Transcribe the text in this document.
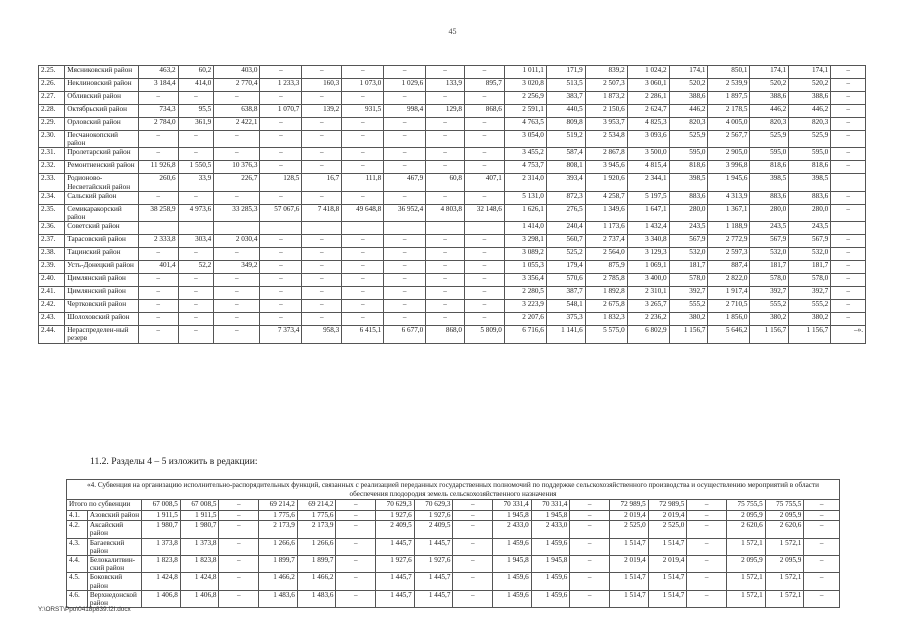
45
2.25.	Мясниковский район	463,2	60,2	403,0	–	–	–	–	–	–	1 011,1	171,9	839,2	1 024,2	174,1	850,1	174,1	174,1	–
2.26.	Неклиновский район	3 184,4	414,0	2 770,4	1 233,3	160,3	1 073,0	1 029,6	133,9	895,7	3 020,8	513,5	2 507,3	3 060,1	520,2	2 539,9	520,2	520,2	–
2.27.	Обливский район	–	–	–	–	–	–	–	–	–	2 256,9	383,7	1 873,2	2 286,1	388,6	1 897,5	388,6	388,6	–
2.28.	Октябрьский район	734,3	95,5	638,8	1 070,7	139,2	931,5	998,4	129,8	868,6	2 591,1	440,5	2 150,6	2 624,7	446,2	2 178,5	446,2	446,2	–
2.29.	Орловский район	2 784,0	361,9	2 422,1	–	–	–	–	–	–	4 763,5	809,8	3 953,7	4 825,3	820,3	4 005,0	820,3	820,3	–
2.30.	Песчанокопский район	–	–	–	–	–	–	–	–	–	3 054,0	519,2	2 534,8	3 093,6	525,9	2 567,7	525,9	525,9	–
2.31.	Пролетарский район	–	–	–	–	–	–	–	–	–	3 455,2	587,4	2 867,8	3 500,0	595,0	2 905,0	595,0	595,0	–
2.32.	Ремонтненский район	11 926,8	1 550,5	10 376,3	–	–	–	–	–	–	4 753,7	808,1	3 945,6	4 815,4	818,6	3 996,8	818,6	818,6	–
2.33.	Родионово-Несветайский район	260,6	33,9	226,7	128,5	16,7	111,8	467,9	60,8	407,1	2 314,0	393,4	1 920,6	2 344,1	398,5	1 945,6	398,5	398,5	
2.34.	Сальский район	–	–	–	–	–	–	–	–	–	5 131,0	872,3	4 258,7	5 197,5	883,6	4 313,9	883,6	883,6	–
2.35.	Семикаракорский район	38 258,9	4 973,6	33 285,3	57 067,6	7 418,8	49 648,8	36 952,4	4 803,8	32 148,6	1 626,1	276,5	1 349,6	1 647,1	280,0	1 367,1	280,0	280,0	–
2.36.	Советский район										1 414,0	240,4	1 173,6	1 432,4	243,5	1 188,9	243,5	243,5	
2.37.	Тарасовский район	2 333,8	303,4	2 030,4	–	–	–	–	–	–	3 298,1	560,7	2 737,4	3 340,8	567,9	2 772,9	567,9	567,9	–
2.38.	Тацинский район	–	–	–	–	–	–	–	–	–	3 089,2	525,2	2 564,0	3 129,3	532,0	2 597,3	532,0	532,0	–
2.39.	Усть-Донецкий район	401,4	52,2	349,2	–	–	–	–	–	–	1 055,3	179,4	875,9	1 069,1	181,7	887,4	181,7	181,7	–
2.40.	Цимлянский район	–	–	–	–	–	–	–	–	–	3 356,4	570,6	2 785,8	3 400,0	578,0	2 822,0	578,0	578,0	–
2.41.	Цимлянский район	–	–	–	–	–	–	–	–	–	2 280,5	387,7	1 892,8	2 310,1	392,7	1 917,4	392,7	392,7	–
2.42.	Чертковский район	–	–	–	–	–	–	–	–	–	3 223,9	548,1	2 675,8	3 265,7	555,2	2 710,5	555,2	555,2	–
2.43.	Шолоховский район	–	–	–	–	–	–	–	–	–	2 207,6	375,3	1 832,3	2 236,2	380,2	1 856,0	380,2	380,2	–
2.44.	Нераспределен-ный резерв	–	–	–	7 373,4	958,3	6 415,1	6 677,0	868,0	5 809,0	6 716,6	1 141,6	5 575,0	6 802,9	1 156,7	5 646,2	1 156,7	1 156,7	–».
11.2. Разделы 4 – 5 изложить в редакции:
«4. Субвенция на организацию исполнительно-распорядительных функций, связанных с реализацией переданных государственных полномочий по поддержке сельскохозяйственного производства и осуществлению мероприятий в области обеспечения плодородия земель сельскохозяйственного назначения																			
Итого по субвенции		67 008,5	67 008,5	–	69 214,2	69 214,2	–	70 629,3	70 629,3	–	70 331,4	70 331,4	–	72 989,5	72 989,5	–	75 755,5	75 755,5	–
4.1.	Азовский район	1 911,5	1 911,5	–	1 775,6	1 775,6	–	1 927,6	1 927,6	–	1 945,8	1 945,8	–	2 019,4	2 019,4	–	2 095,9	2 095,9	–
4.2.	Аксайский район	1 980,7	1 980,7	–	2 173,9	2 173,9	–	2 409,5	2 409,5	–	2 433,0	2 433,0	–	2 525,0	2 525,0	–	2 620,6	2 620,6	–
4.3.	Багаевский район	1 373,8	1 373,8	–	1 266,6	1 266,6	–	1 445,7	1 445,7	–	1 459,6	1 459,6	–	1 514,7	1 514,7	–	1 572,1	1 572,1	–
4.4.	Белокалитвин-ский район	1 823,8	1 823,8	–	1 899,7	1 899,7	–	1 927,6	1 927,6	–	1 945,8	1 945,8	–	2 019,4	2 019,4	–	2 095,9	2 095,9	–
4.5.	Боковский район	1 424,8	1 424,8	–	1 466,2	1 466,2	–	1 445,7	1 445,7	–	1 459,6	1 459,6	–	1 514,7	1 514,7	–	1 572,1	1 572,1	–
4.6.	Верхнедонской район	1 406,8	1 406,8	–	1 483,6	1 483,6	–	1 445,7	1 445,7	–	1 459,6	1 459,6	–	1 514,7	1 514,7	–	1 572,1	1 572,1	–
Y:\ORST\Ppo\0418p839.f2I.docx
